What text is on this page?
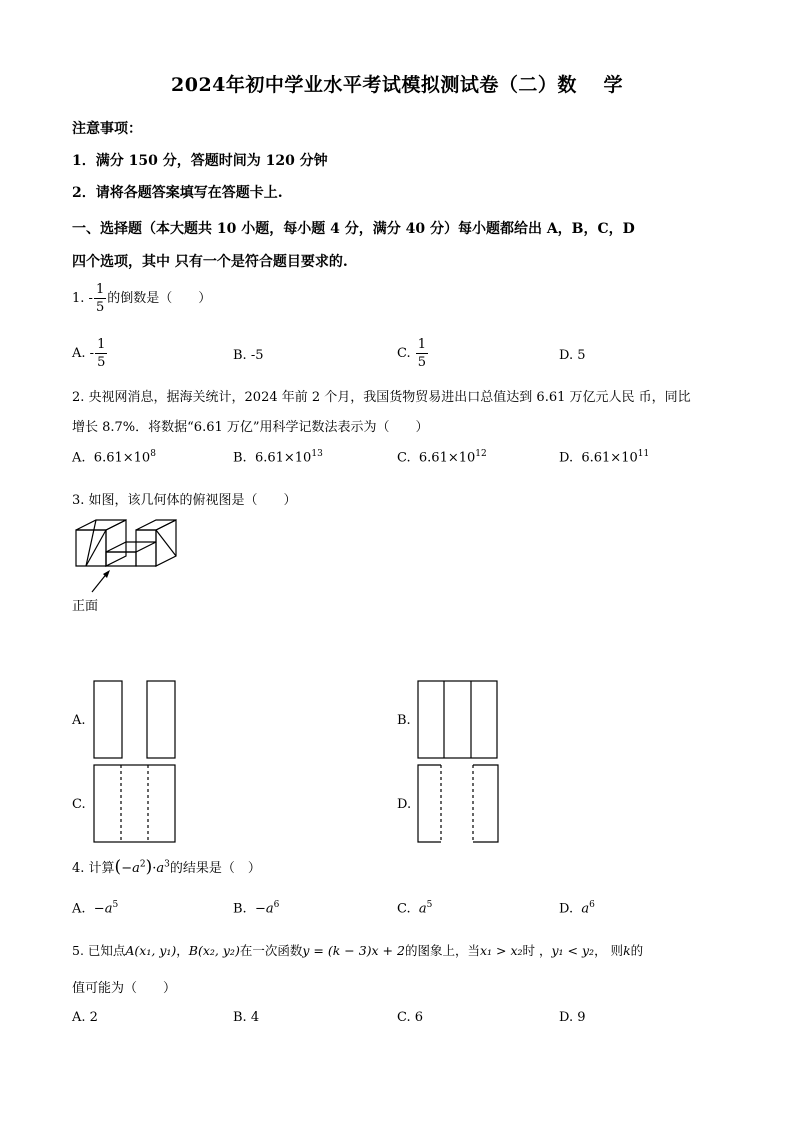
2024年初中学业水平考试模拟测试卷（二）数　 学
注意事项：
1．满分 150 分，答题时间为 120 分钟
2．请将各题答案填写在答题卡上.
一、选择题（本大题共 10 小题，每小题 4 分，满分 40 分）每小题都给出 A，B，C，D
四个选项，其中 只有一个是符合题目要求的.
1. - $\frac{1}{5}$ 的倒数是（　　）
A. - $\frac{1}{5}$	B. -5	C. $\frac{1}{5}$	D. 5
2. 央视网消息，据海关统计，2024 年前 2 个月，我国货物贸易进出口总值达到 6.61 万亿元人民 币，同比
增长 8.7%．将数据“6.61 万亿”用科学记数法表示为（　　）
A. $6.61\times 10^8$	B. $6.61\times 10^{13}$	C. $6.61\times 10^{12}$	D. $6.61\times 10^{11}$
3. 如图，该几何体的俯视图是（　　）
正面
A.	B.
C.	D.
4. 计算$(-a^2)\cdot a^3$的结果是（　）
A. $-a^5$	B. $-a^6$	C. $a^5$	D. $a^6$
5. 已知点A(x₁, y₁)，B(x₂, y₂)在一次函数y = (k − 3)x + 2的图象上，当x₁ > x₂时 ，y₁ < y₂， 则k的
值可能为（　　）
A. 2	B. 4	C. 6	D. 9
